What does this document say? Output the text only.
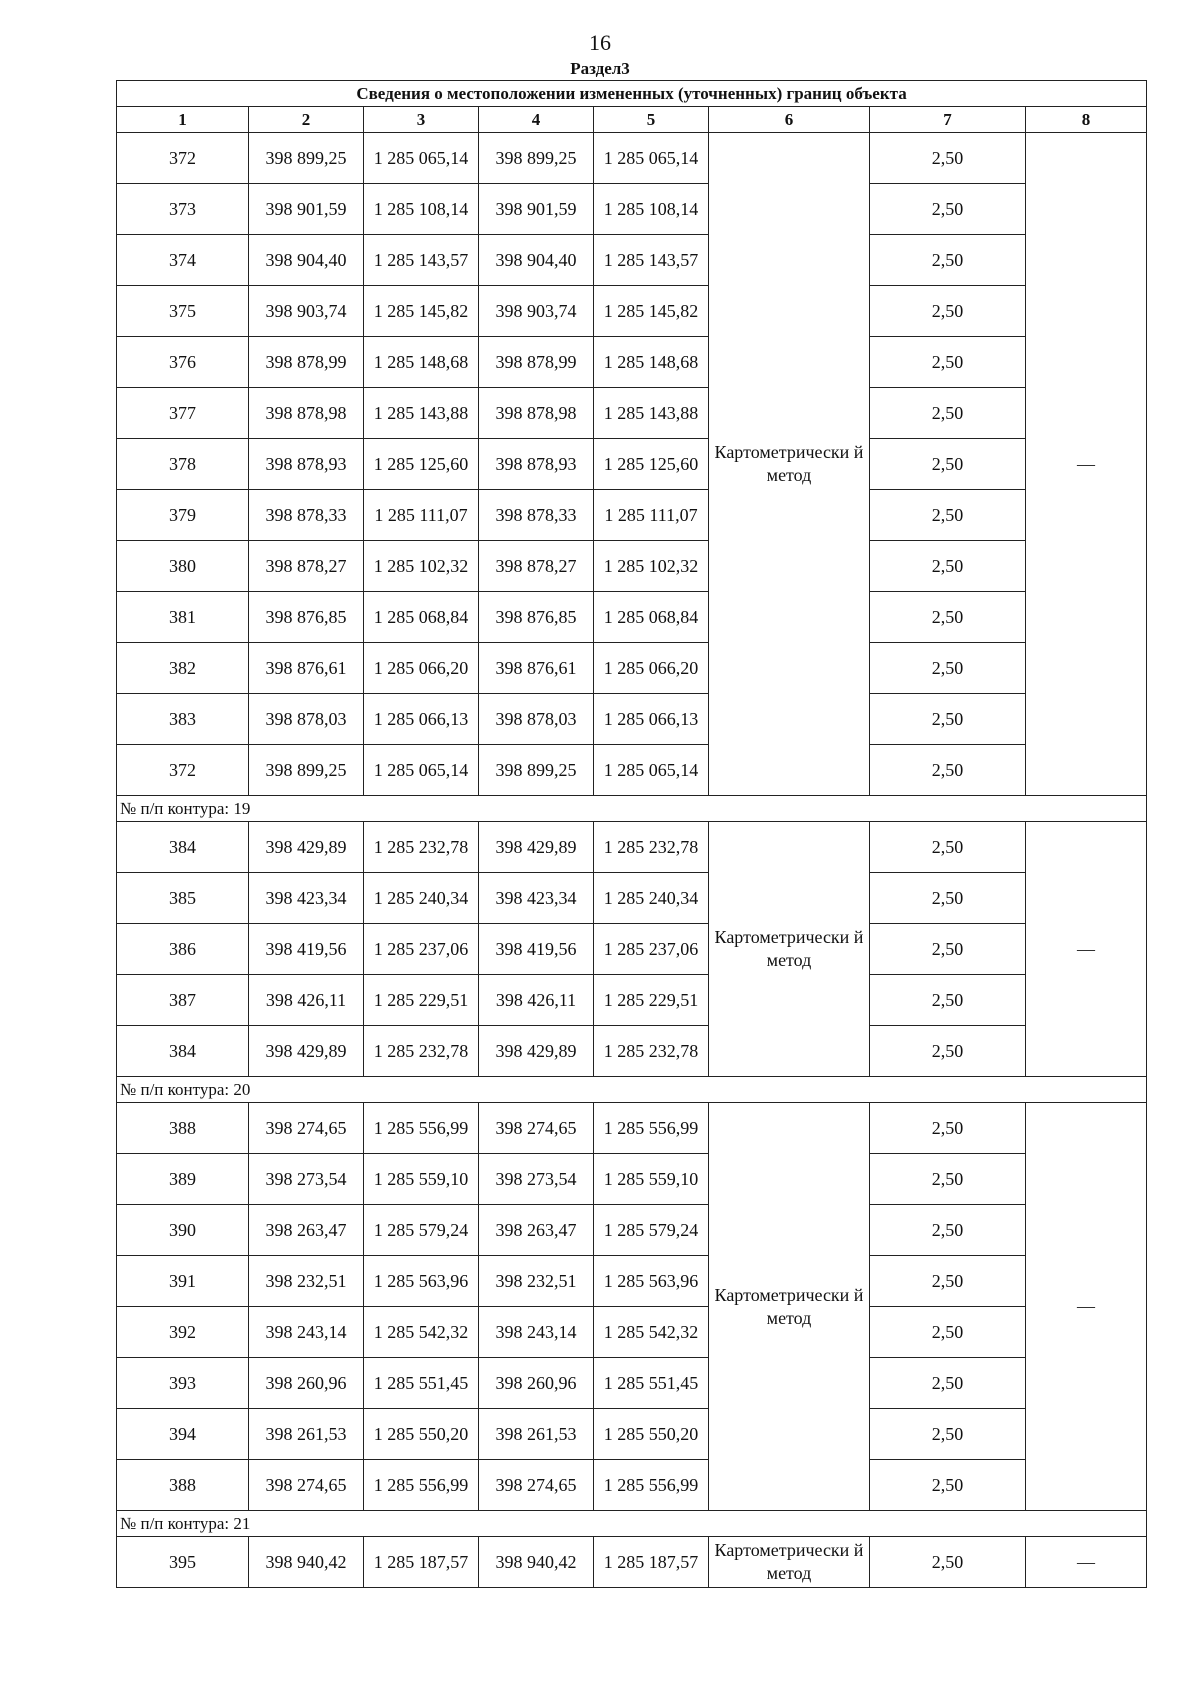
16
Раздел3
Сведения о местоположении измененных (уточненных) границ объекта							
1	2	3	4	5	6	7	8
372	398 899,25	1 285 065,14	398 899,25	1 285 065,14	Картометрически й метод	2,50	—
373	398 901,59	1 285 108,14	398 901,59	1 285 108,14		2,50	
374	398 904,40	1 285 143,57	398 904,40	1 285 143,57		2,50	
375	398 903,74	1 285 145,82	398 903,74	1 285 145,82		2,50	
376	398 878,99	1 285 148,68	398 878,99	1 285 148,68		2,50	
377	398 878,98	1 285 143,88	398 878,98	1 285 143,88		2,50	
378	398 878,93	1 285 125,60	398 878,93	1 285 125,60		2,50	
379	398 878,33	1 285 111,07	398 878,33	1 285 111,07		2,50	
380	398 878,27	1 285 102,32	398 878,27	1 285 102,32		2,50	
381	398 876,85	1 285 068,84	398 876,85	1 285 068,84		2,50	
382	398 876,61	1 285 066,20	398 876,61	1 285 066,20		2,50	
383	398 878,03	1 285 066,13	398 878,03	1 285 066,13		2,50	
372	398 899,25	1 285 065,14	398 899,25	1 285 065,14		2,50	
№ п/п контура: 19							
384	398 429,89	1 285 232,78	398 429,89	1 285 232,78	Картометрически й метод	2,50	—
385	398 423,34	1 285 240,34	398 423,34	1 285 240,34		2,50	
386	398 419,56	1 285 237,06	398 419,56	1 285 237,06		2,50	
387	398 426,11	1 285 229,51	398 426,11	1 285 229,51		2,50	
384	398 429,89	1 285 232,78	398 429,89	1 285 232,78		2,50	
№ п/п контура: 20							
388	398 274,65	1 285 556,99	398 274,65	1 285 556,99	Картометрически й метод	2,50	—
389	398 273,54	1 285 559,10	398 273,54	1 285 559,10		2,50	
390	398 263,47	1 285 579,24	398 263,47	1 285 579,24		2,50	
391	398 232,51	1 285 563,96	398 232,51	1 285 563,96		2,50	
392	398 243,14	1 285 542,32	398 243,14	1 285 542,32		2,50	
393	398 260,96	1 285 551,45	398 260,96	1 285 551,45		2,50	
394	398 261,53	1 285 550,20	398 261,53	1 285 550,20		2,50	
388	398 274,65	1 285 556,99	398 274,65	1 285 556,99		2,50	
№ п/п контура: 21							
395	398 940,42	1 285 187,57	398 940,42	1 285 187,57	Картометрически й метод	2,50	—
